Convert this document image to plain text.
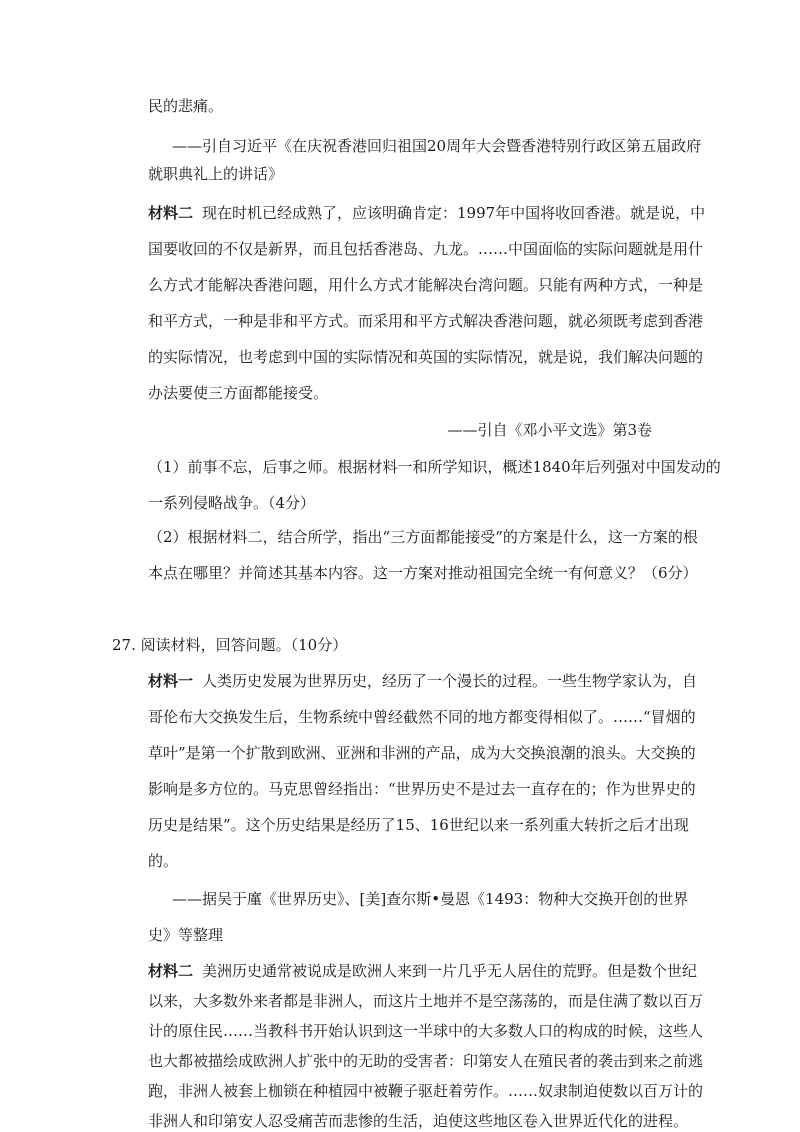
民的悲痛。
——引自习近平《在庆祝香港回归祖国20周年大会暨香港特别行政区第五届政府
就职典礼上的讲话》
材料二 现在时机已经成熟了，应该明确肯定：1997年中国将收回香港。就是说，中
国要收回的不仅是新界，而且包括香港岛、九龙。……中国面临的实际问题就是用什
么方式才能解决香港问题，用什么方式才能解决台湾问题。只能有两种方式，一种是
和平方式，一种是非和平方式。而采用和平方式解决香港问题，就必须既考虑到香港
的实际情况，也考虑到中国的实际情况和英国的实际情况，就是说，我们解决问题的
办法要使三方面都能接受。
——引自《邓小平文选》第3卷
（1）前事不忘，后事之师。根据材料一和所学知识，概述1840年后列强对中国发动的
一系列侵略战争。（4分）
（2）根据材料二，结合所学，指出“三方面都能接受”的方案是什么，这一方案的根
本点在哪里？并简述其基本内容。这一方案对推动祖国完全统一有何意义？（6分）
27. 阅读材料，回答问题。（10分）
材料一 人类历史发展为世界历史，经历了一个漫长的过程。一些生物学家认为，自
哥伦布大交换发生后，生物系统中曾经截然不同的地方都变得相似了。……“冒烟的
草叶”是第一个扩散到欧洲、亚洲和非洲的产品，成为大交换浪潮的浪头。大交换的
影响是多方位的。马克思曾经指出：“世界历史不是过去一直存在的；作为世界史的
历史是结果”。这个历史结果是经历了15、16世纪以来一系列重大转折之后才出现
的。
——据吴于廑《世界历史》、[美]查尔斯•曼恩《1493：物种大交换开创的世界
史》等整理
材料二 美洲历史通常被说成是欧洲人来到一片几乎无人居住的荒野。但是数个世纪
以来，大多数外来者都是非洲人，而这片土地并不是空荡荡的，而是住满了数以百万
计的原住民……当教科书开始认识到这一半球中的大多数人口的构成的时候，这些人
也大都被描绘成欧洲人扩张中的无助的受害者：印第安人在殖民者的袭击到来之前逃
跑，非洲人被套上枷锁在种植园中被鞭子驱赶着劳作。……奴隶制迫使数以百万计的
非洲人和印第安人忍受痛苦而悲惨的生活，迫使这些地区卷入世界近代化的进程。
